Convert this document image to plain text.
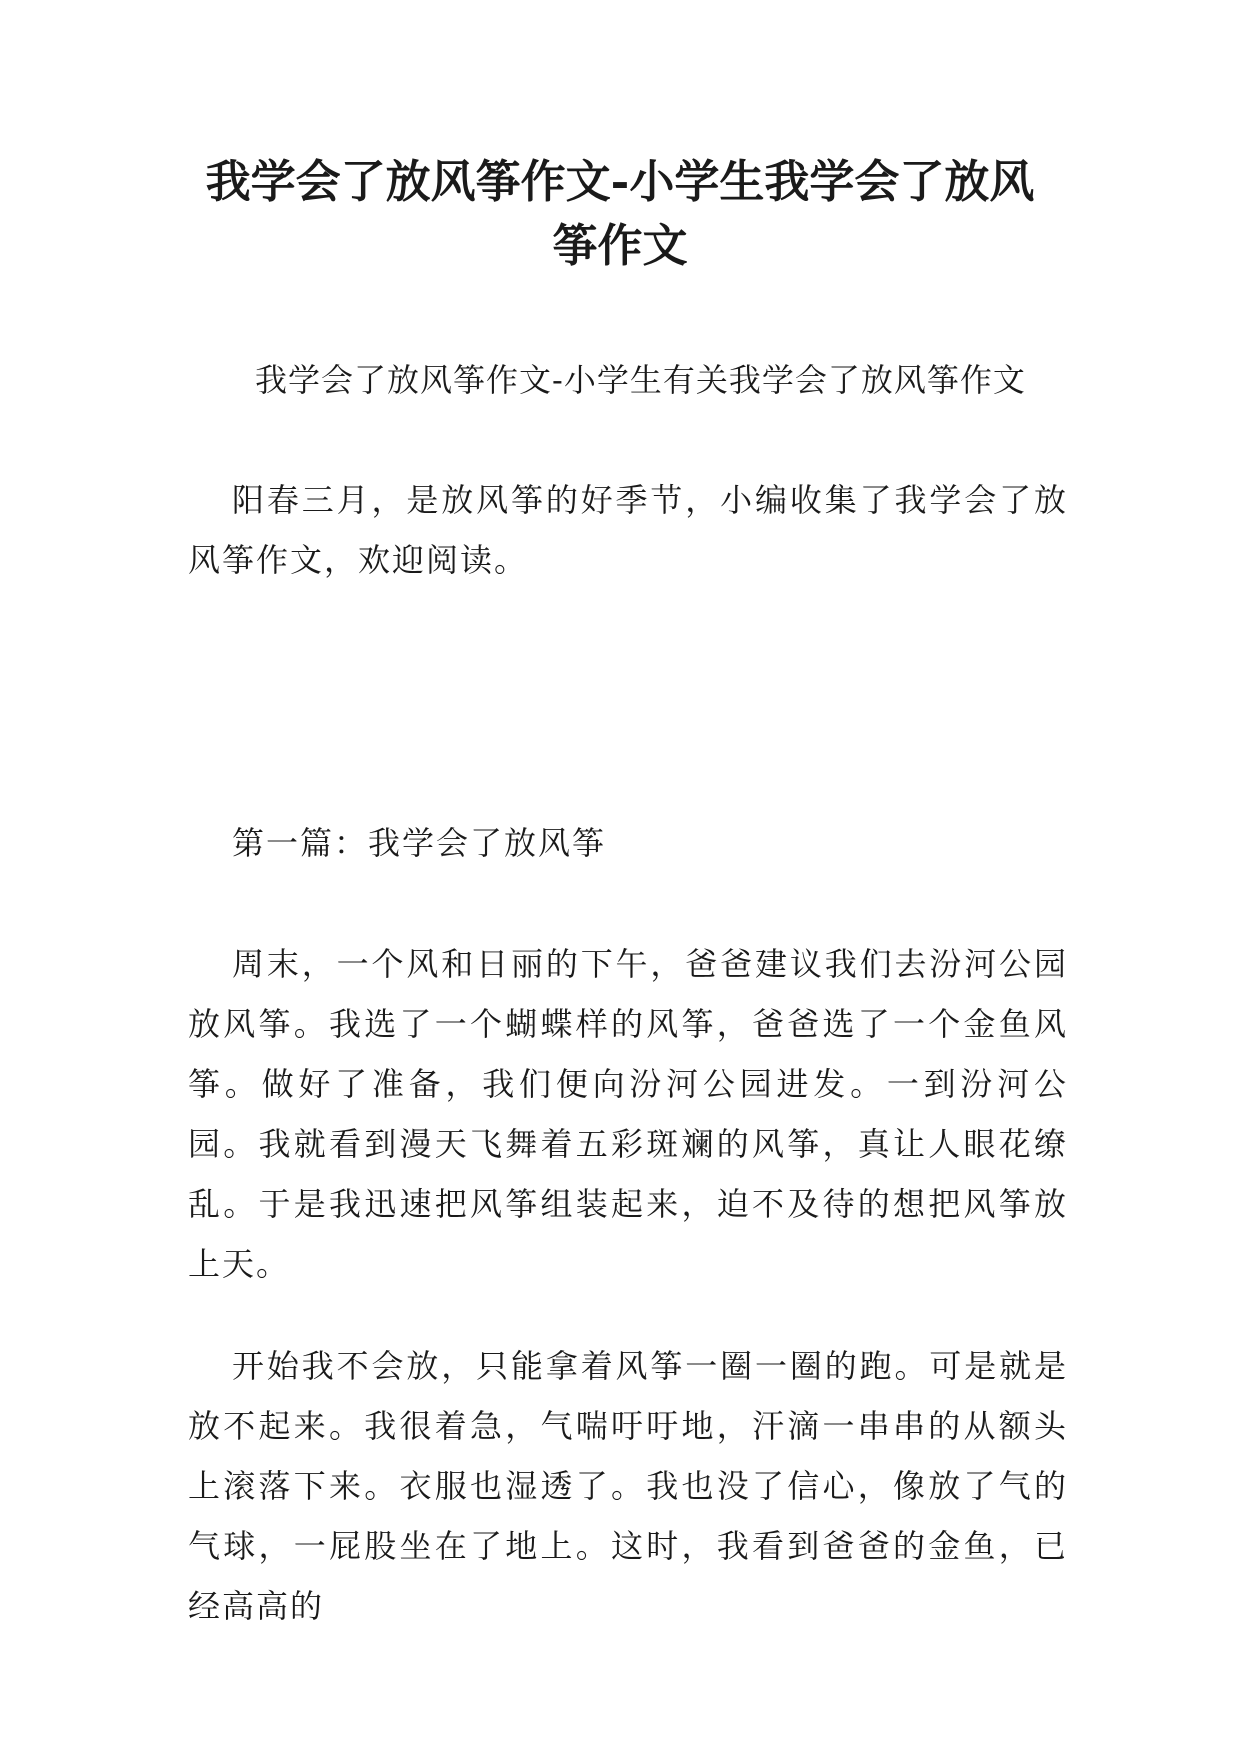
我学会了放风筝作文-小学生我学会了放风
筝作文

我学会了放风筝作文-小学生有关我学会了放风筝作文

阳春三月，是放风筝的好季节，小编收集了我学会了放风筝作文，欢迎阅读。

第一篇：我学会了放风筝

周末，一个风和日丽的下午，爸爸建议我们去汾河公园放风筝。我选了一个蝴蝶样的风筝，爸爸选了一个金鱼风筝。做好了准备，我们便向汾河公园进发。一到汾河公园。我就看到漫天飞舞着五彩斑斓的风筝，真让人眼花缭乱。于是我迅速把风筝组装起来，迫不及待的想把风筝放上天。

开始我不会放，只能拿着风筝一圈一圈的跑。可是就是放不起来。我很着急，气喘吁吁地，汗滴一串串的从额头上滚落下来。衣服也湿透了。我也没了信心，像放了气的气球，一屁股坐在了地上。这时，我看到爸爸的金鱼，已经高高的
